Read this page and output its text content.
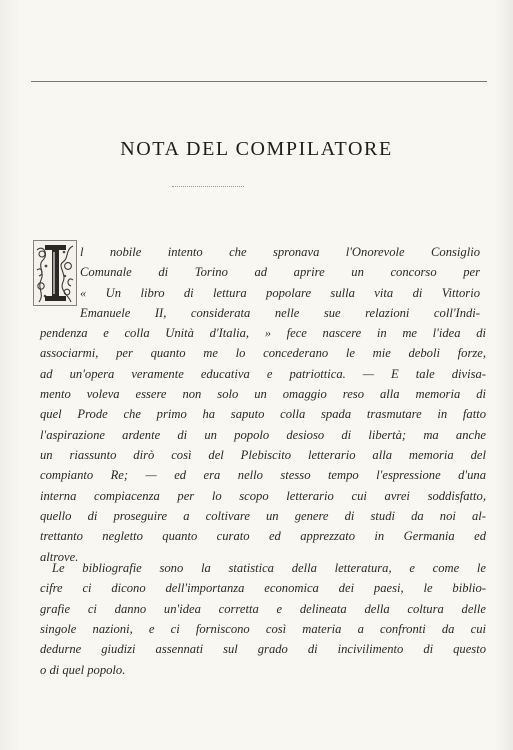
NOTA DEL COMPILATORE
I

l nobile intento che spronava l'Onorevole Consiglio
Comunale di Torino ad aprire un concorso per
« Un libro di lettura popolare sulla vita di Vittorio
Emanuele II, considerata nelle sue relazioni coll'Indi-

pendenza e colla Unità d'Italia, » fece nascere in me l'idea di
associarmi, per quanto me lo concederano le mie deboli forze,
ad un'opera veramente educativa e patriottica. — E tale divisa-
mento voleva essere non solo un omaggio reso alla memoria di
quel Prode che primo ha saputo colla spada trasmutare in fatto
l'aspirazione ardente di un popolo desioso di libertà; ma anche
un riassunto dirò così del Plebiscito letterario alla memoria del
compianto Re; — ed era nello stesso tempo l'espressione d'una
interna compiacenza per lo scopo letterario cui avrei soddisfatto,
quello di proseguire a coltivare un genere di studi da noi al-
trettanto negletto quanto curato ed apprezzato in Germania ed
altrove.

Le bibliografie sono la statistica della letteratura, e come le
cifre ci dicono dell'importanza economica dei paesi, le biblio-
grafie ci danno un'idea corretta e delineata della coltura delle
singole nazioni, e ci forniscono così materia a confronti da cui
dedurne giudizi assennati sul grado di incivilimento di questo
o di quel popolo.
